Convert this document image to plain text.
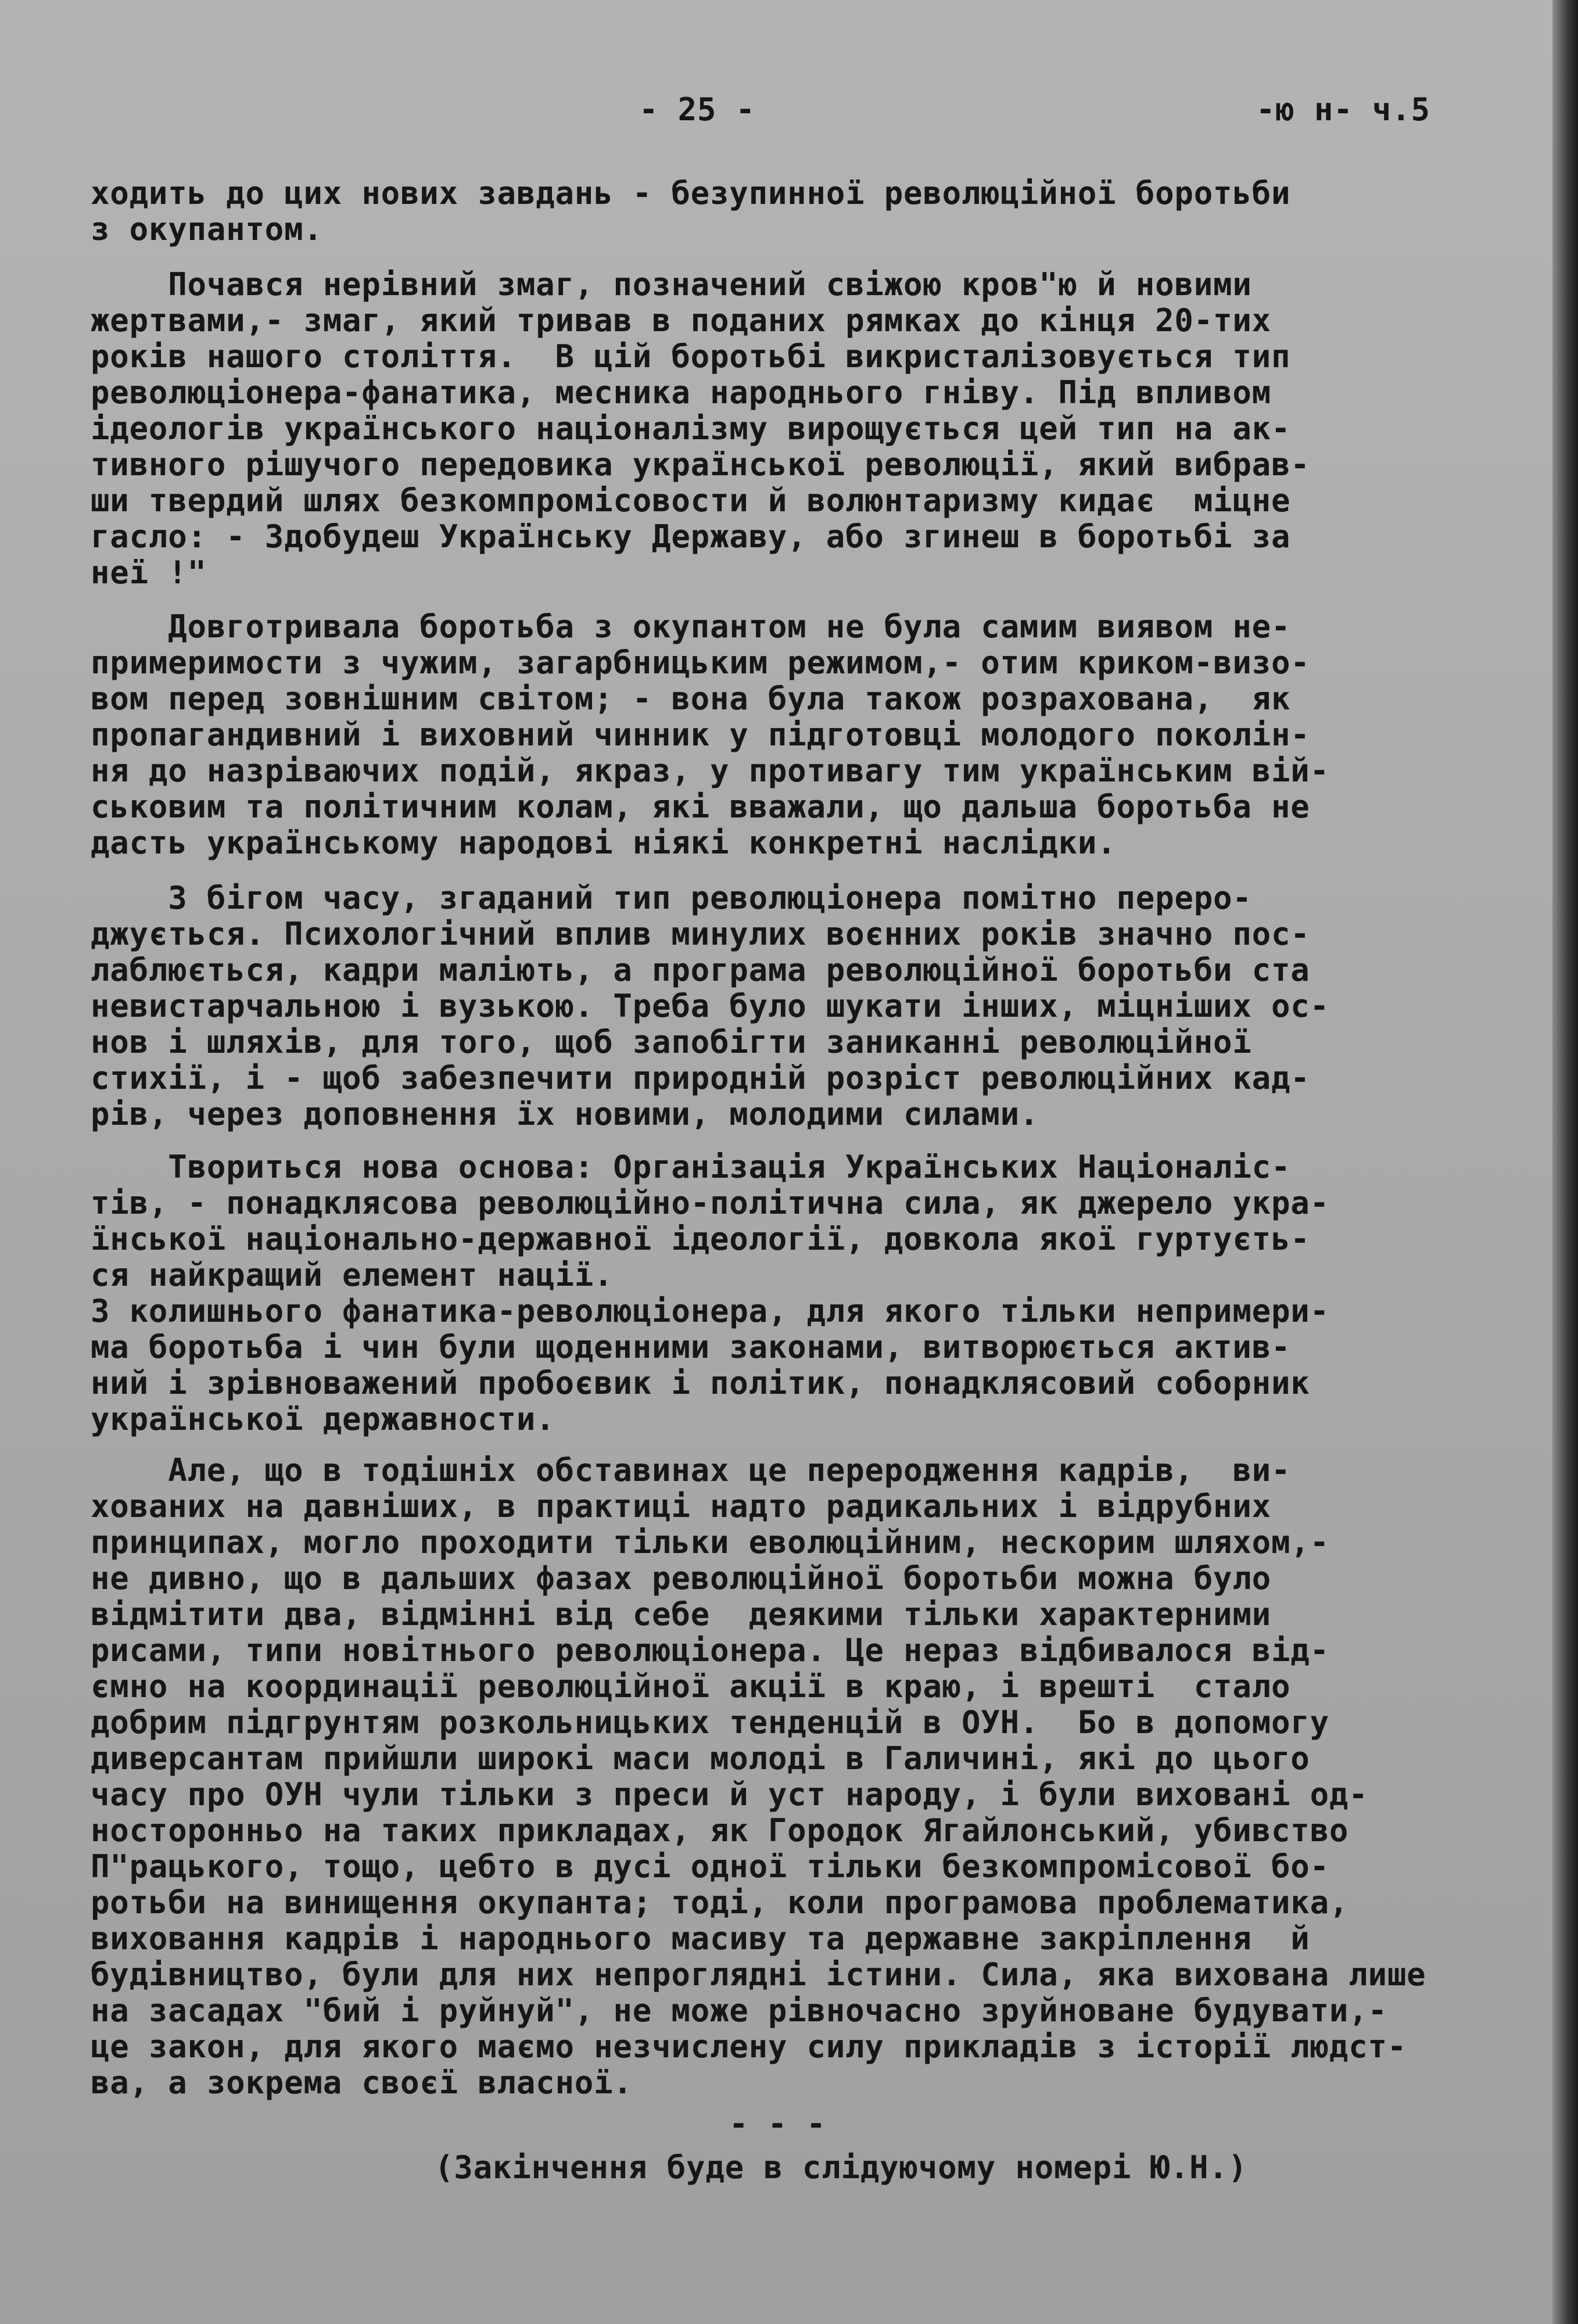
- 25 -	-ю н- ч.5
ходить до цих нових завдань - безупинної революційної боротьби
з окупантом.
Почався нерівний змаг, позначений свіжою кров"ю й новими
жертвами,- змаг, який тривав в поданих рямках до кінця 20-тих
років нашого століття.  В цій боротьбі викристалізовується тип
революціонера-фанатика, месника народнього гніву. Під впливом
ідеологів українського націоналізму вирощується цей тип на ак-
тивного рішучого передовика української революції, який вибрав-
ши твердий шлях безкомпромісовости й волюнтаризму кидає  міцне
гасло: - Здобудеш Українську Державу, або згинеш в боротьбі за
неї !"
Довготривала боротьба з окупантом не була самим виявом не-
примеримости з чужим, загарбницьким режимом,- отим криком-визо-
вом перед зовнішним світом; - вона була також розрахована,  як
пропагандивний і виховний чинник у підготовці молодого поколін-
ня до назріваючих подій, якраз, у противагу тим українським вій-
ськовим та політичним колам, які вважали, що дальша боротьба не
дасть українському народові ніякі конкретні наслідки.
З бігом часу, згаданий тип революціонера помітно переро-
джується. Психологічний вплив минулих воєнних років значно пос-
лаблюється, кадри маліють, а програма революційної боротьби ста
невистарчальною і вузькою. Треба було шукати інших, міцніших ос-
нов і шляхів, для того, щоб запобігти заниканні революційної
стихії, і - щоб забезпечити природній розріст революційних кад-
рів, через доповнення їх новими, молодими силами.
Твориться нова основа: Організація Українських Націоналіс-
тів, - понадклясова революційно-політична сила, як джерело укра-
їнської національно-державної ідеології, довкола якої гуртуєть-
ся найкращий елемент нації.
З колишнього фанатика-революціонера, для якого тільки непримери-
ма боротьба і чин були щоденними законами, витворюється актив-
ний і зрівноважений пробоєвик і політик, понадклясовий соборник
української державности.
Але, що в тодішніх обставинах це переродження кадрів,  ви-
хованих на давніших, в практиці надто радикальних і відрубних
принципах, могло проходити тільки еволюційним, нескорим шляхом,-
не дивно, що в дальших фазах революційної боротьби можна було
відмітити два, відмінні від себе  деякими тільки характерними
рисами, типи новітнього революціонера. Це нераз відбивалося від-
ємно на координації революційної акції в краю, і врешті  стало
добрим підгрунтям розкольницьких тенденцій в ОУН.  Бо в допомогу
диверсантам прийшли широкі маси молоді в Галичині, які до цього
часу про ОУН чули тільки з преси й уст народу, і були виховані од-
носторонньо на таких прикладах, як Городок Ягайлонський, убивство
П"рацького, тощо, цебто в дусі одної тільки безкомпромісової бо-
ротьби на винищення окупанта; тоді, коли програмова проблематика,
виховання кадрів і народнього масиву та державне закріплення  й
будівництво, були для них непроглядні істини. Сила, яка вихована лише
на засадах "бий і руйнуй", не може рівночасно зруйноване будувати,-
це закон, для якого маємо незчислену силу прикладів з історії людст-
ва, а зокрема своєї власної.
- - -
(Закінчення буде в слідуючому номері Ю.Н.)
